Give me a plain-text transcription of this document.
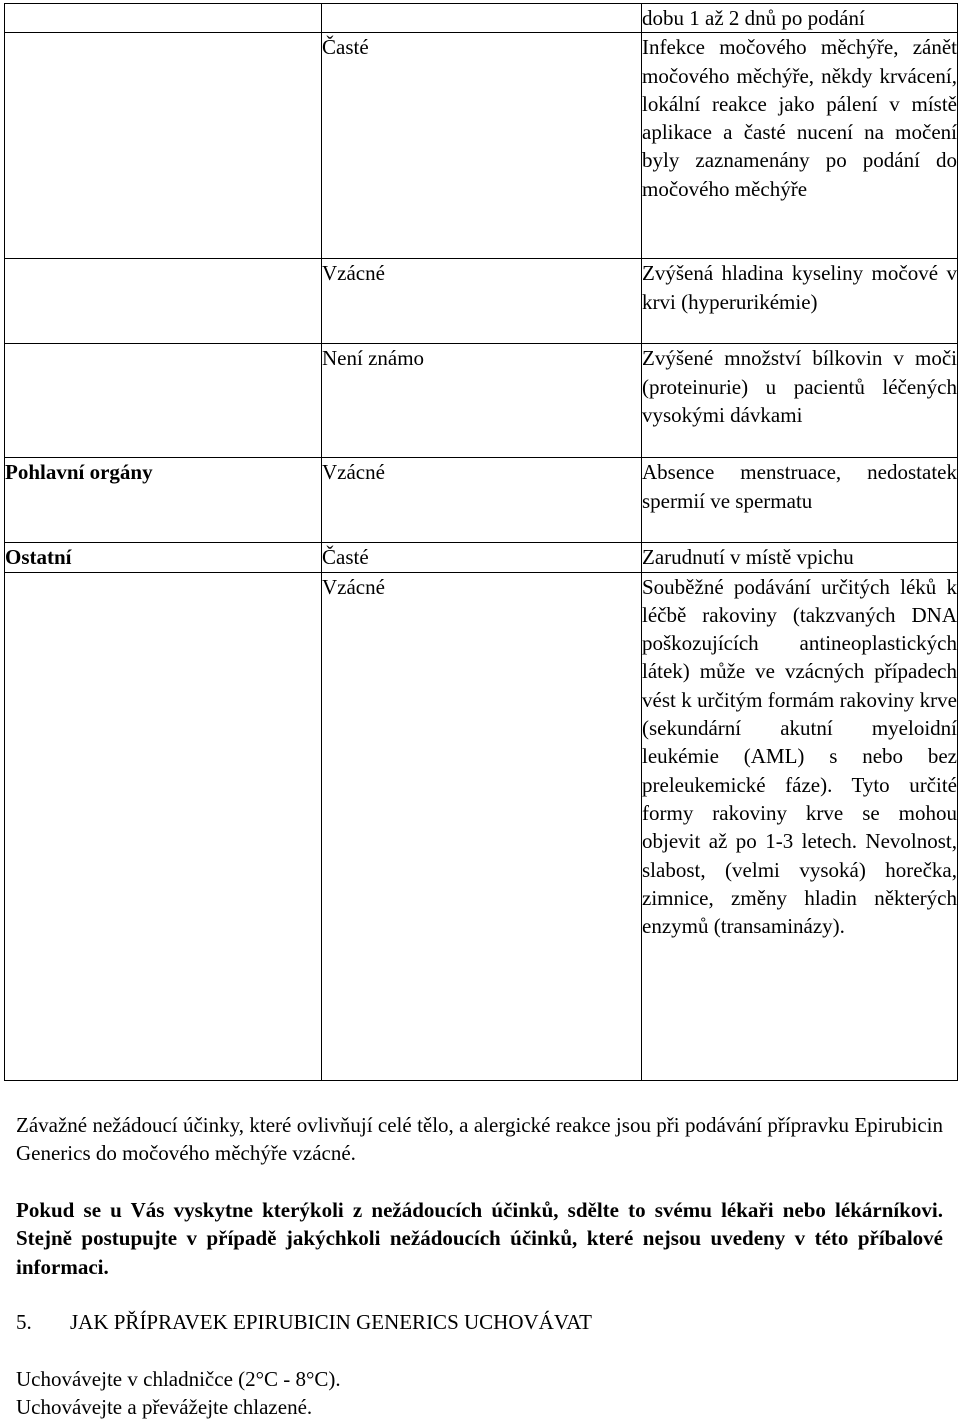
		dobu 1 až 2 dnů po podání
	Časté	Infekce močového měchýře, zánět močového měchýře, někdy krvácení, lokální reakce jako pálení v místě aplikace a časté nucení na močení byly zaznamenány po podání do močového měchýře
	Vzácné	Zvýšená hladina kyseliny močové v krvi (hyperurikémie)
	Není známo	Zvýšené množství bílkovin v moči (proteinurie) u pacientů léčených vysokými dávkami
Pohlavní orgány	Vzácné	Absence menstruace, nedostatek spermií ve spermatu
Ostatní	Časté	Zarudnutí v místě vpichu
	Vzácné	Souběžné podávání určitých léků k léčbě rakoviny (takzvaných DNA poškozujících antineoplastických látek) může ve vzácných případech vést k určitým formám rakoviny krve (sekundární akutní myeloidní leukémie (AML) s nebo bez preleukemické fáze). Tyto určité formy rakoviny krve se mohou objevit až po 1-3 letech. Nevolnost, slabost, (velmi vysoká) horečka, zimnice, změny hladin některých enzymů (transaminázy).
Závažné nežádoucí účinky, které ovlivňují celé tělo, a alergické reakce jsou při podávání přípravku Epirubicin Generics do močového měchýře vzácné.
Pokud se u Vás vyskytne kterýkoli z nežádoucích účinků, sdělte to svému lékaři nebo lékárníkovi. Stejně postupujte v případě jakýchkoli nežádoucích účinků, které nejsou uvedeny v této příbalové informaci.
5. JAK PŘÍPRAVEK EPIRUBICIN GENERICS UCHOVÁVAT
Uchovávejte v chladničce (2°C - 8°C).
Uchovávejte a převážejte chlazené.
